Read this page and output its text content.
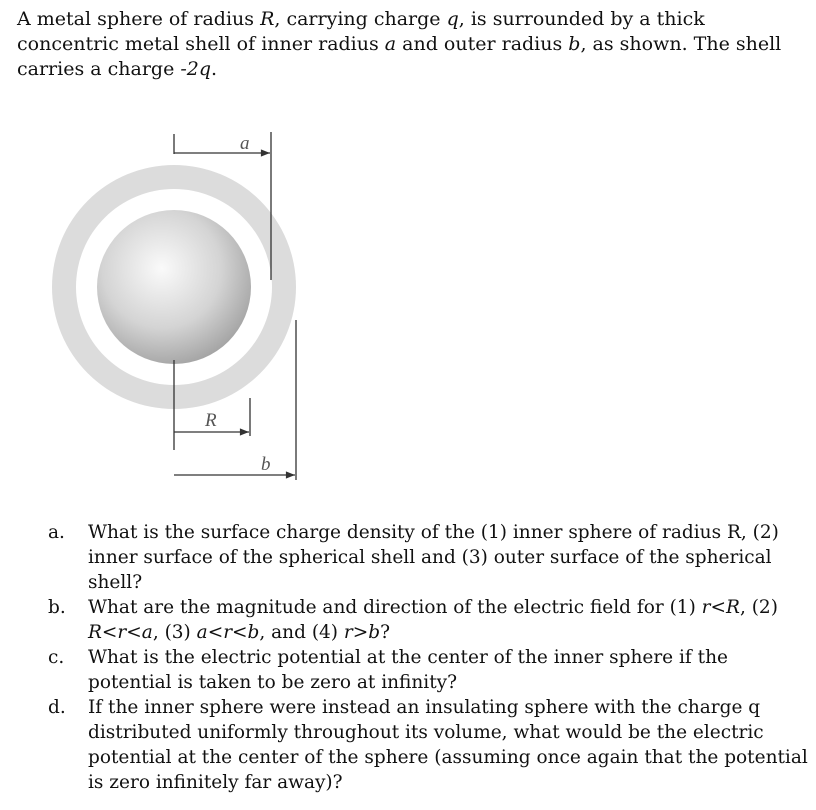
A metal sphere of radius R, carrying charge q, is surrounded by a thick concentric metal shell of inner radius a and outer radius b, as shown. The shell carries a charge -2q.

a
R
b
a. What is the surface charge density of the (1) inner sphere of radius R, (2) inner surface of the spherical shell and (3) outer surface of the spherical shell?
b. What are the magnitude and direction of the electric field for (1) r<R, (2) R<r<a, (3) a<r<b, and (4) r>b?
c. What is the electric potential at the center of the inner sphere if the potential is taken to be zero at infinity?
d. If the inner sphere were instead an insulating sphere with the charge q distributed uniformly throughout its volume, what would be the electric potential at the center of the sphere (assuming once again that the potential is zero infinitely far away)?
